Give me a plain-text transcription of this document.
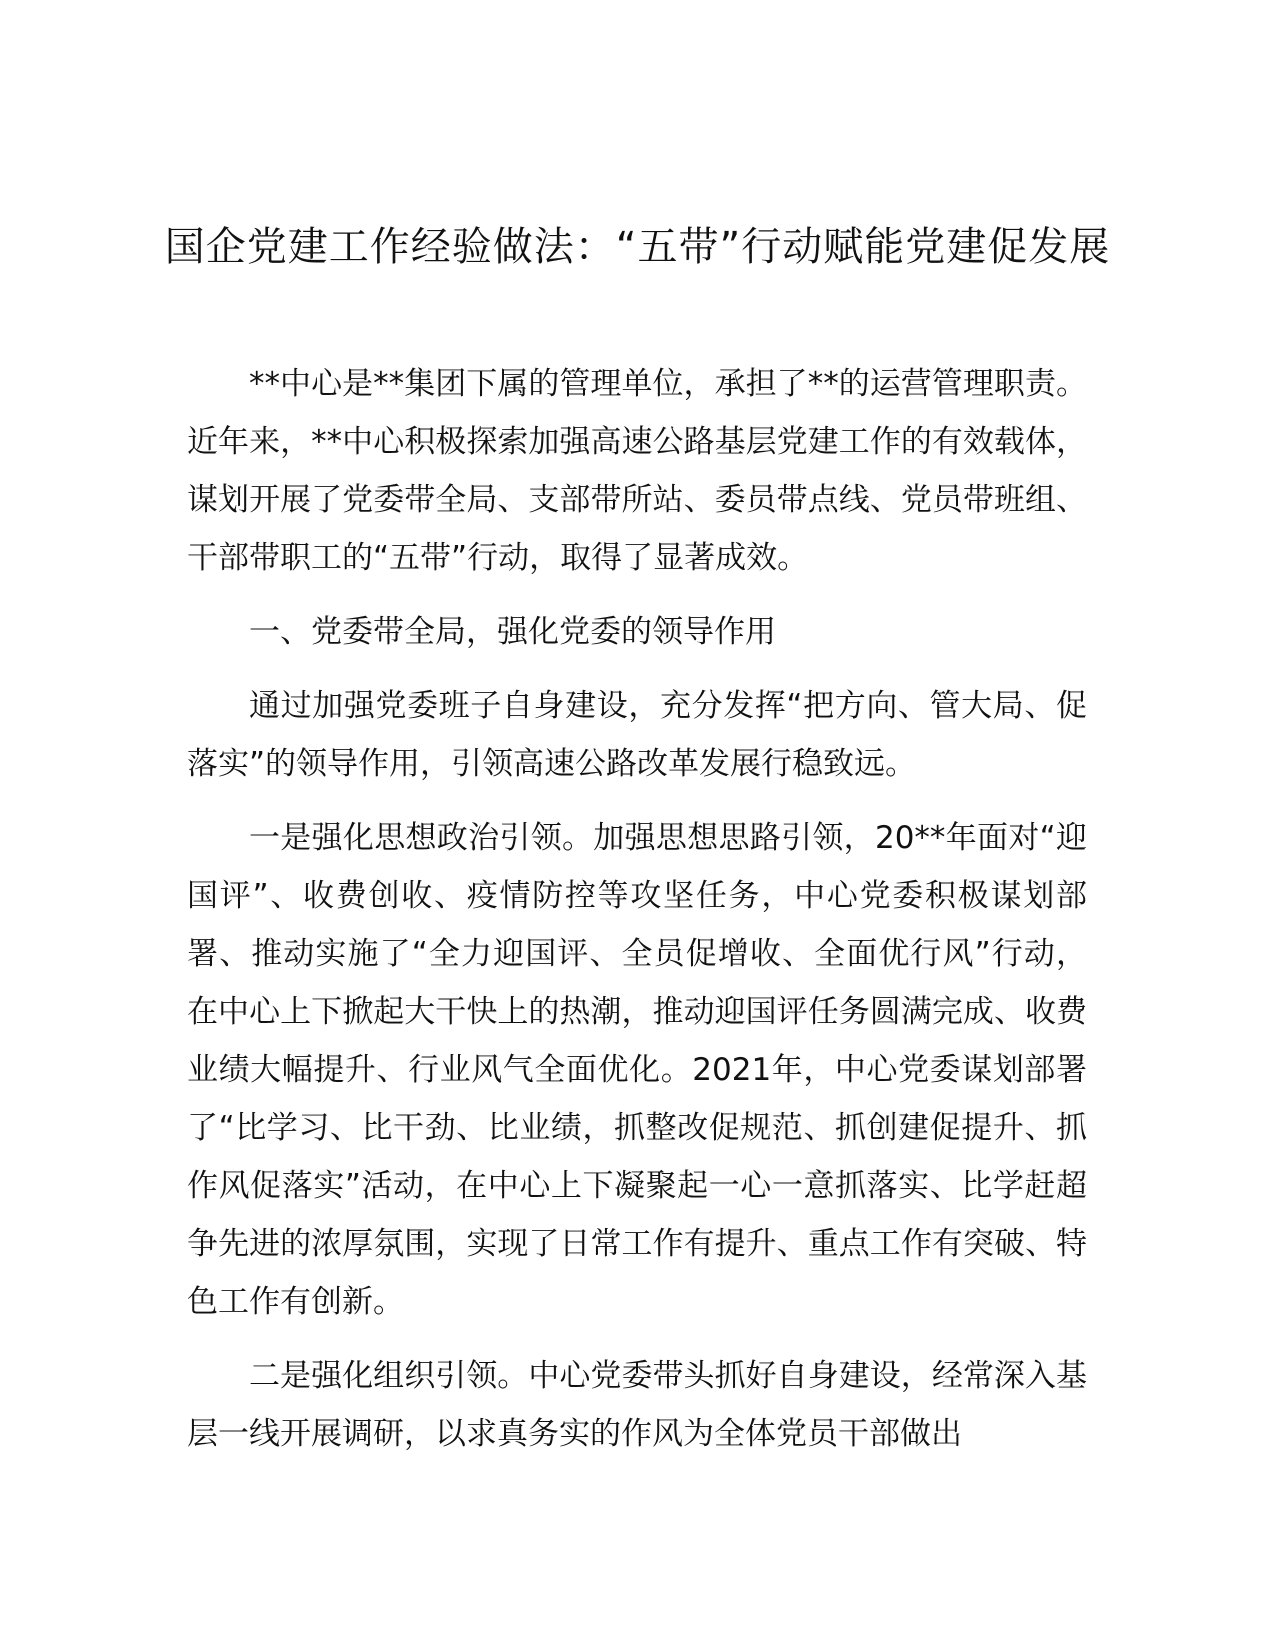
国企党建工作经验做法：“五带”行动赋能党建促发展

**中心是**集团下属的管理单位，承担了**的运营管理职责。近年来，**中心积极探索加强高速公路基层党建工作的有效载体，谋划开展了党委带全局、支部带所站、委员带点线、党员带班组、干部带职工的“五带”行动，取得了显著成效。

一、党委带全局，强化党委的领导作用

通过加强党委班子自身建设，充分发挥“把方向、管大局、促落实”的领导作用，引领高速公路改革发展行稳致远。

一是强化思想政治引领。加强思想思路引领，20**年面对“迎国评”、收费创收、疫情防控等攻坚任务，中心党委积极谋划部署、推动实施了“全力迎国评、全员促增收、全面优行风”行动，在中心上下掀起大干快上的热潮，推动迎国评任务圆满完成、收费业绩大幅提升、行业风气全面优化。2021年，中心党委谋划部署了“比学习、比干劲、比业绩，抓整改促规范、抓创建促提升、抓作风促落实”活动，在中心上下凝聚起一心一意抓落实、比学赶超争先进的浓厚氛围，实现了日常工作有提升、重点工作有突破、特色工作有创新。

二是强化组织引领。中心党委带头抓好自身建设，经常深入基层一线开展调研，以求真务实的作风为全体党员干部做出
